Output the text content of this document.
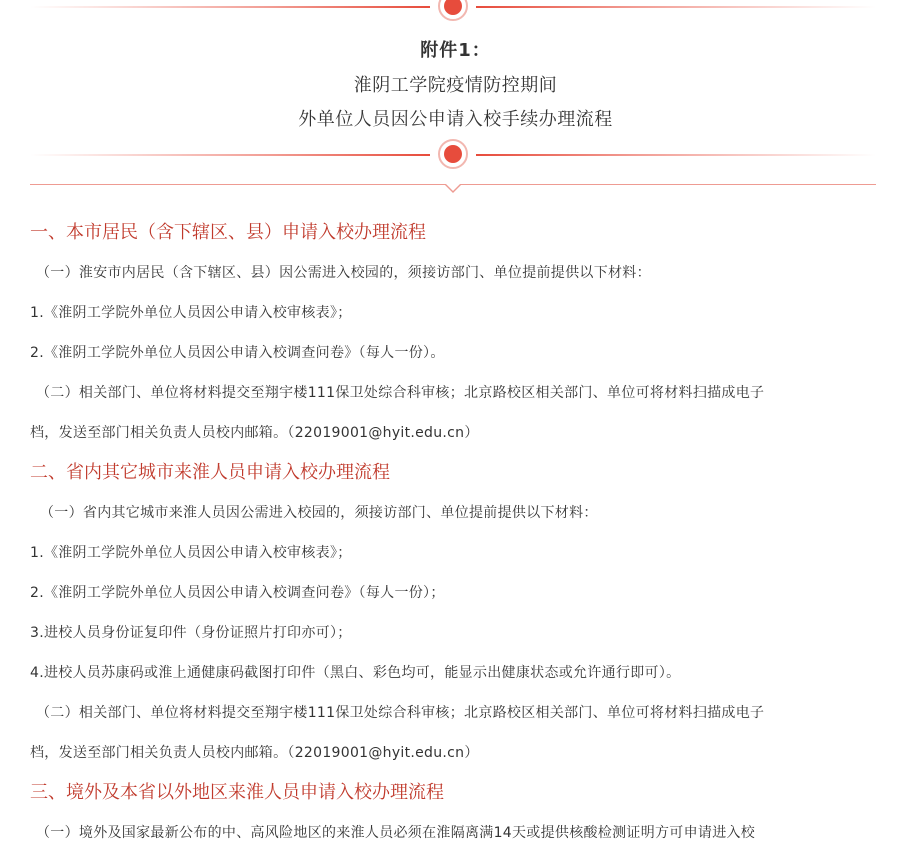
附件1：
淮阴工学院疫情防控期间
外单位人员因公申请入校手续办理流程
一、本市居民（含下辖区、县）申请入校办理流程
（一）淮安市内居民（含下辖区、县）因公需进入校园的，须接访部门、单位提前提供以下材料：
1.《淮阴工学院外单位人员因公申请入校审核表》；
2.《淮阴工学院外单位人员因公申请入校调查问卷》（每人一份）。
（二）相关部门、单位将材料提交至翔宇楼111保卫处综合科审核；北京路校区相关部门、单位可将材料扫描成电子
档，发送至部门相关负责人员校内邮箱。（22019001@hyit.edu.cn）
二、省内其它城市来淮人员申请入校办理流程
（一）省内其它城市来淮人员因公需进入校园的，须接访部门、单位提前提供以下材料：
1.《淮阴工学院外单位人员因公申请入校审核表》；
2.《淮阴工学院外单位人员因公申请入校调查问卷》（每人一份）；
3.进校人员身份证复印件（身份证照片打印亦可）；
4.进校人员苏康码或淮上通健康码截图打印件（黑白、彩色均可，能显示出健康状态或允许通行即可）。
（二）相关部门、单位将材料提交至翔宇楼111保卫处综合科审核；北京路校区相关部门、单位可将材料扫描成电子
档，发送至部门相关负责人员校内邮箱。（22019001@hyit.edu.cn）
三、境外及本省以外地区来淮人员申请入校办理流程
（一）境外及国家最新公布的中、高风险地区的来淮人员必须在淮隔离满14天或提供核酸检测证明方可申请进入校
